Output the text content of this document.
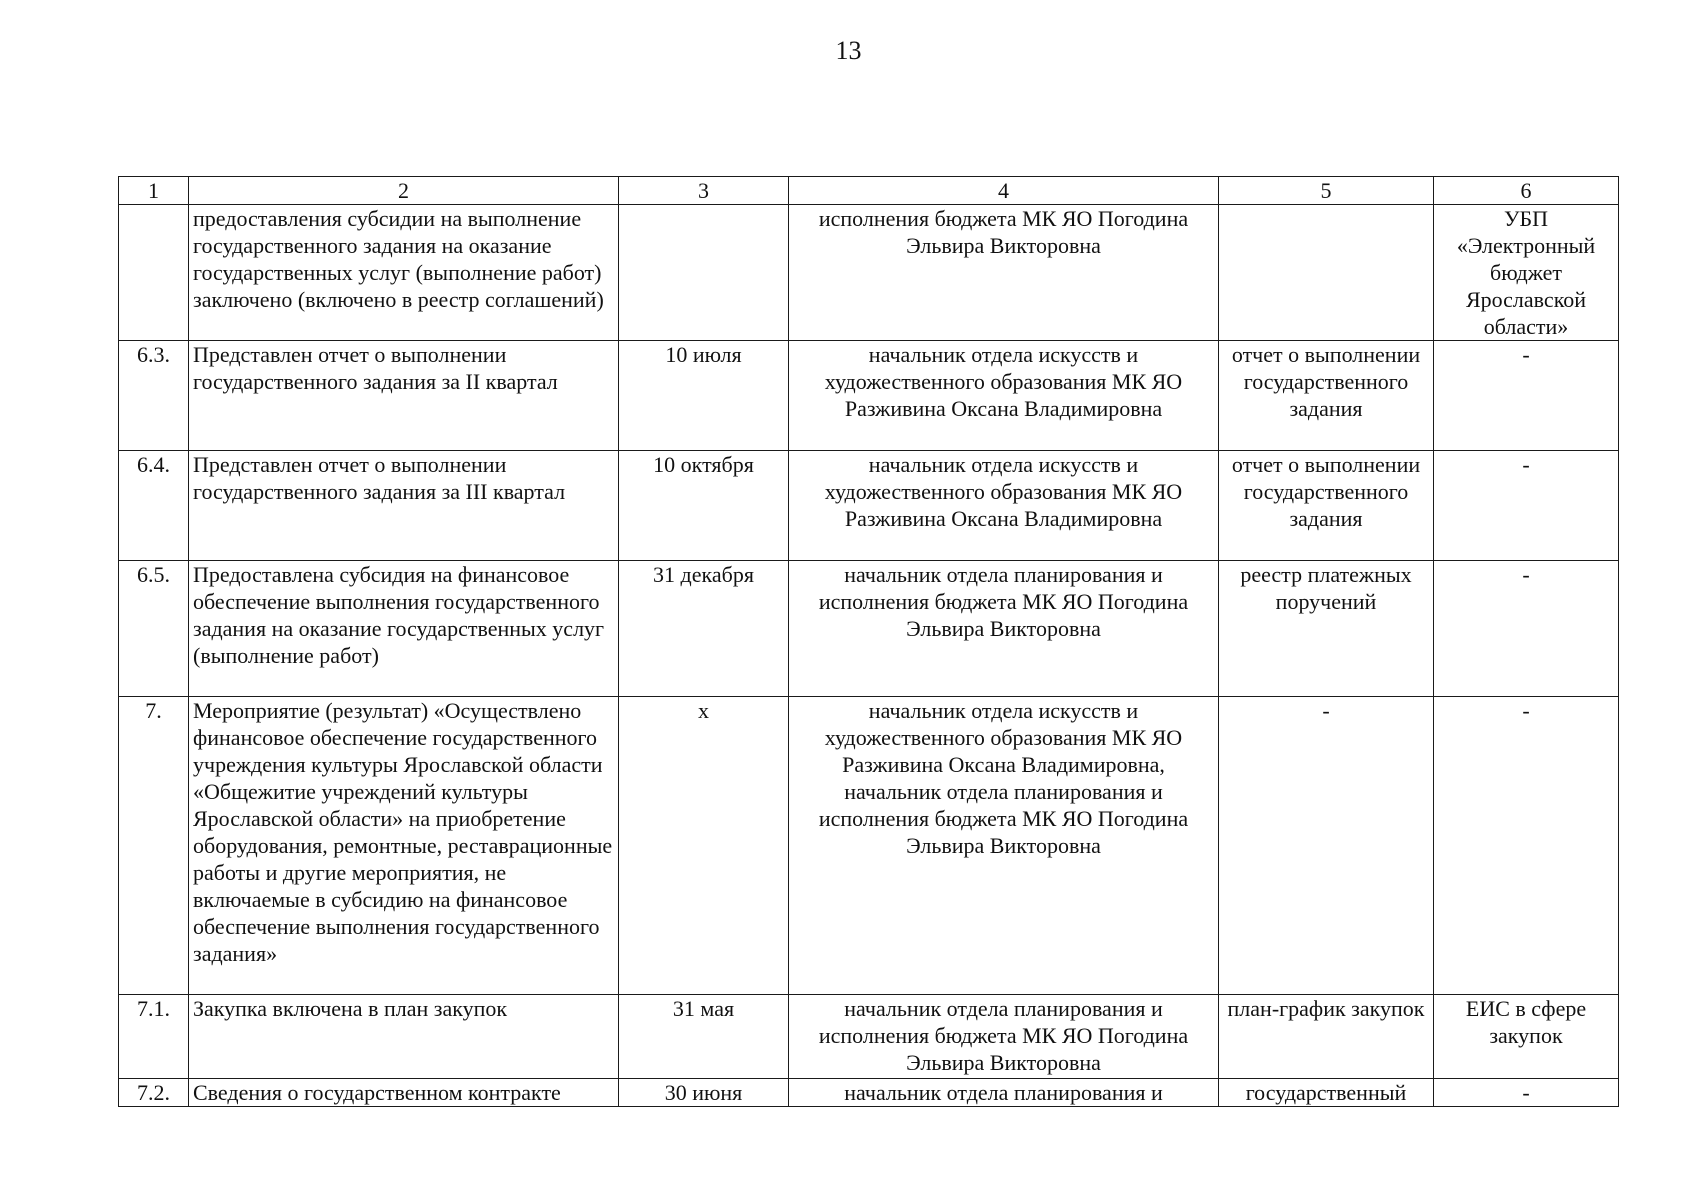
13
1	2	3	4	5	6
	предоставления субсидии на выполнение государственного задания на оказание государственных услуг (выполнение работ) заключено (включено в реестр соглашений)		исполнения бюджета МК ЯО Погодина Эльвира Викторовна		УБП «Электронный бюджет Ярославской области»
6.3.	Представлен отчет о выполнении государственного задания за II квартал	10 июля	начальник отдела искусств и художественного образования МК ЯО Разживина Оксана Владимировна	отчет о выполнении государственного задания	-
6.4.	Представлен отчет о выполнении государственного задания за III квартал	10 октября	начальник отдела искусств и художественного образования МК ЯО Разживина Оксана Владимировна	отчет о выполнении государственного задания	-
6.5.	Предоставлена субсидия на финансовое обеспечение выполнения государственного задания на оказание государственных услуг (выполнение работ)	31 декабря	начальник отдела планирования и исполнения бюджета МК ЯО Погодина Эльвира Викторовна	реестр платежных поручений	-
7.	Мероприятие (результат) «Осуществлено финансовое обеспечение государственного учреждения культуры Ярославской области «Общежитие учреждений культуры Ярославской области» на приобретение оборудования, ремонтные, реставрационные работы и другие мероприятия, не включаемые в субсидию на финансовое обеспечение выполнения государственного задания»	х	начальник отдела искусств и художественного образования МК ЯО Разживина Оксана Владимировна, начальник отдела планирования и исполнения бюджета МК ЯО Погодина Эльвира Викторовна	-	-
7.1.	Закупка включена в план закупок	31 мая	начальник отдела планирования и исполнения бюджета МК ЯО Погодина Эльвира Викторовна	план-график закупок	ЕИС в сфере закупок
7.2.	Сведения о государственном контракте	30 июня	начальник отдела планирования и	государственный	-
